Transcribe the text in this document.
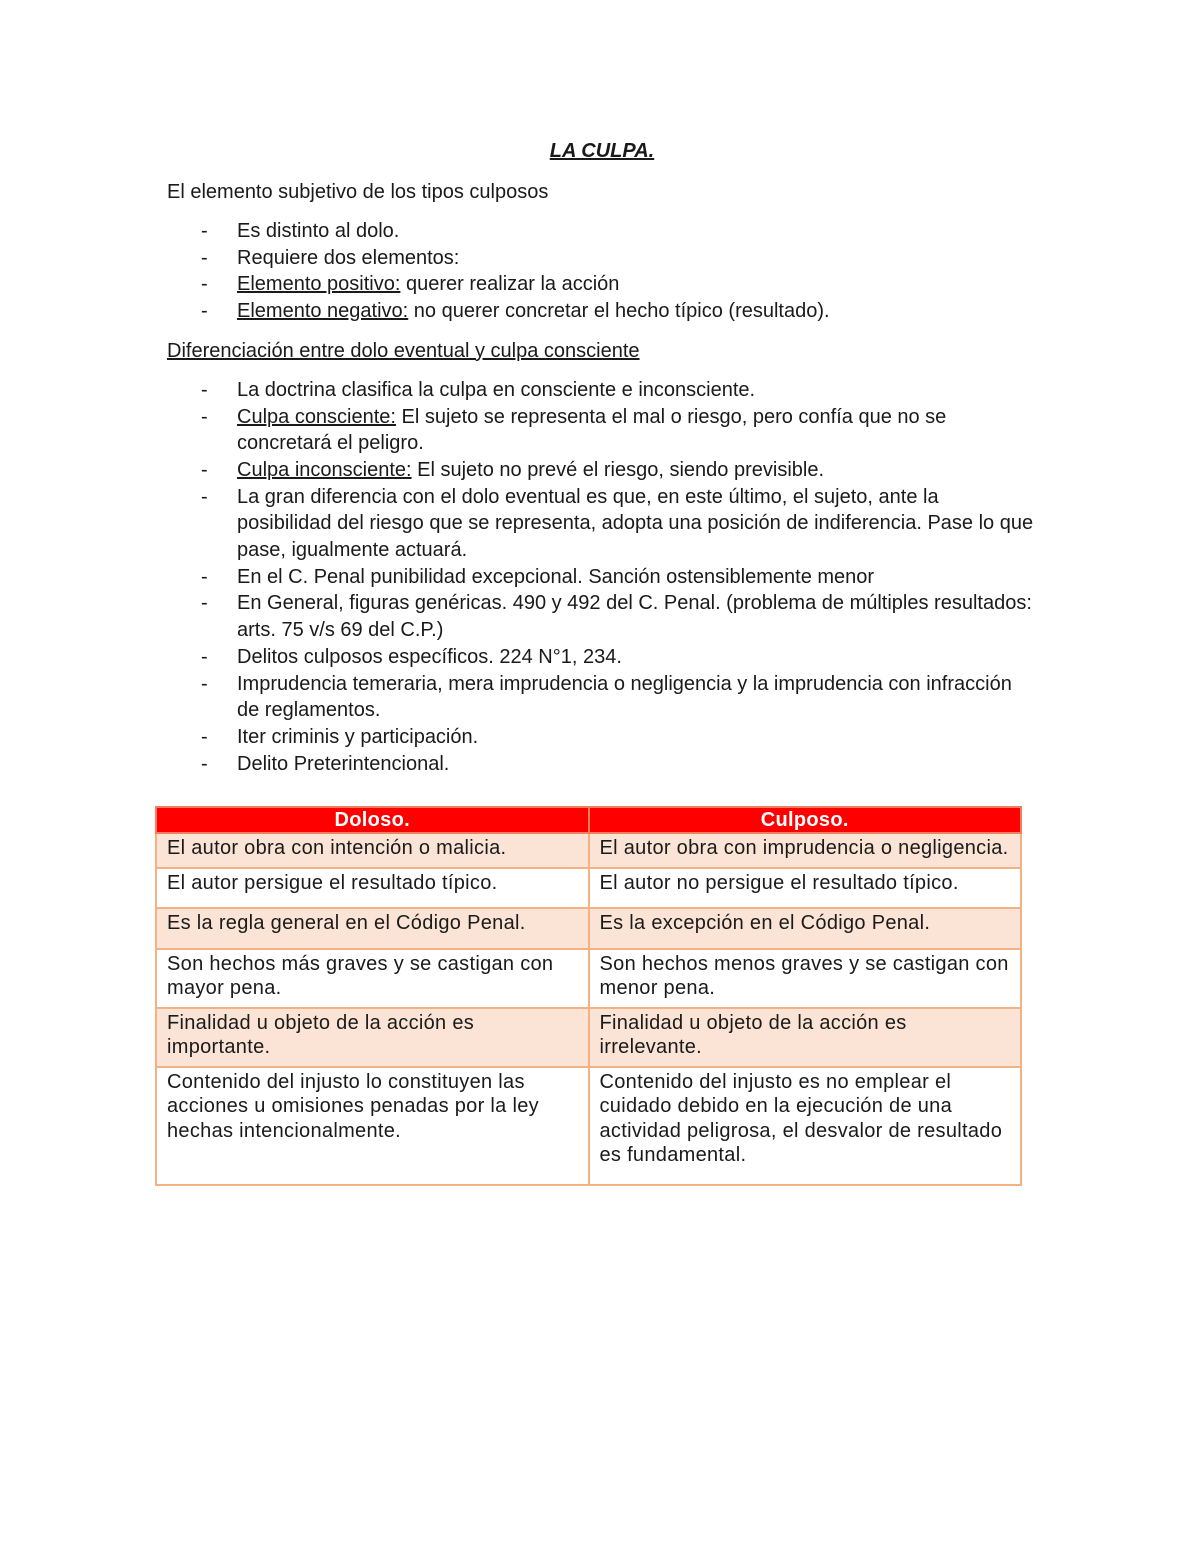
LA CULPA.

El elemento subjetivo de los tipos culposos

- Es distinto al dolo.
- Requiere dos elementos:
- Elemento positivo: querer realizar la acción
- Elemento negativo: no querer concretar el hecho típico (resultado).

Diferenciación entre dolo eventual y culpa consciente

- La doctrina clasifica la culpa en consciente e inconsciente.
- Culpa consciente: El sujeto se representa el mal o riesgo, pero confía que no se concretará el peligro.
- Culpa inconsciente: El sujeto no prevé el riesgo, siendo previsible.
- La gran diferencia con el dolo eventual es que, en este último, el sujeto, ante la posibilidad del riesgo que se representa, adopta una posición de indiferencia. Pase lo que pase, igualmente actuará.
- En el C. Penal punibilidad excepcional. Sanción ostensiblemente menor
- En General, figuras genéricas. 490 y 492 del C. Penal. (problema de múltiples resultados: arts. 75 v/s 69 del C.P.)
- Delitos culposos específicos. 224 N°1, 234.
- Imprudencia temeraria, mera imprudencia o negligencia y la imprudencia con infracción de reglamentos.
- Iter criminis y participación.
- Delito Preterintencional.
Doloso.	Culposo.
El autor obra con intención o malicia.	El autor obra con imprudencia o negligencia.
El autor persigue el resultado típico.	El autor no persigue el resultado típico.
Es la regla general en el Código Penal.	Es la excepción en el Código Penal.
Son hechos más graves y se castigan con mayor pena.	Son hechos menos graves y se castigan con menor pena.
Finalidad u objeto de la acción es importante.	Finalidad u objeto de la acción es irrelevante.
Contenido del injusto lo constituyen las acciones u omisiones penadas por la ley hechas intencionalmente.	Contenido del injusto es no emplear el cuidado debido en la ejecución de una actividad peligrosa, el desvalor de resultado es fundamental.
